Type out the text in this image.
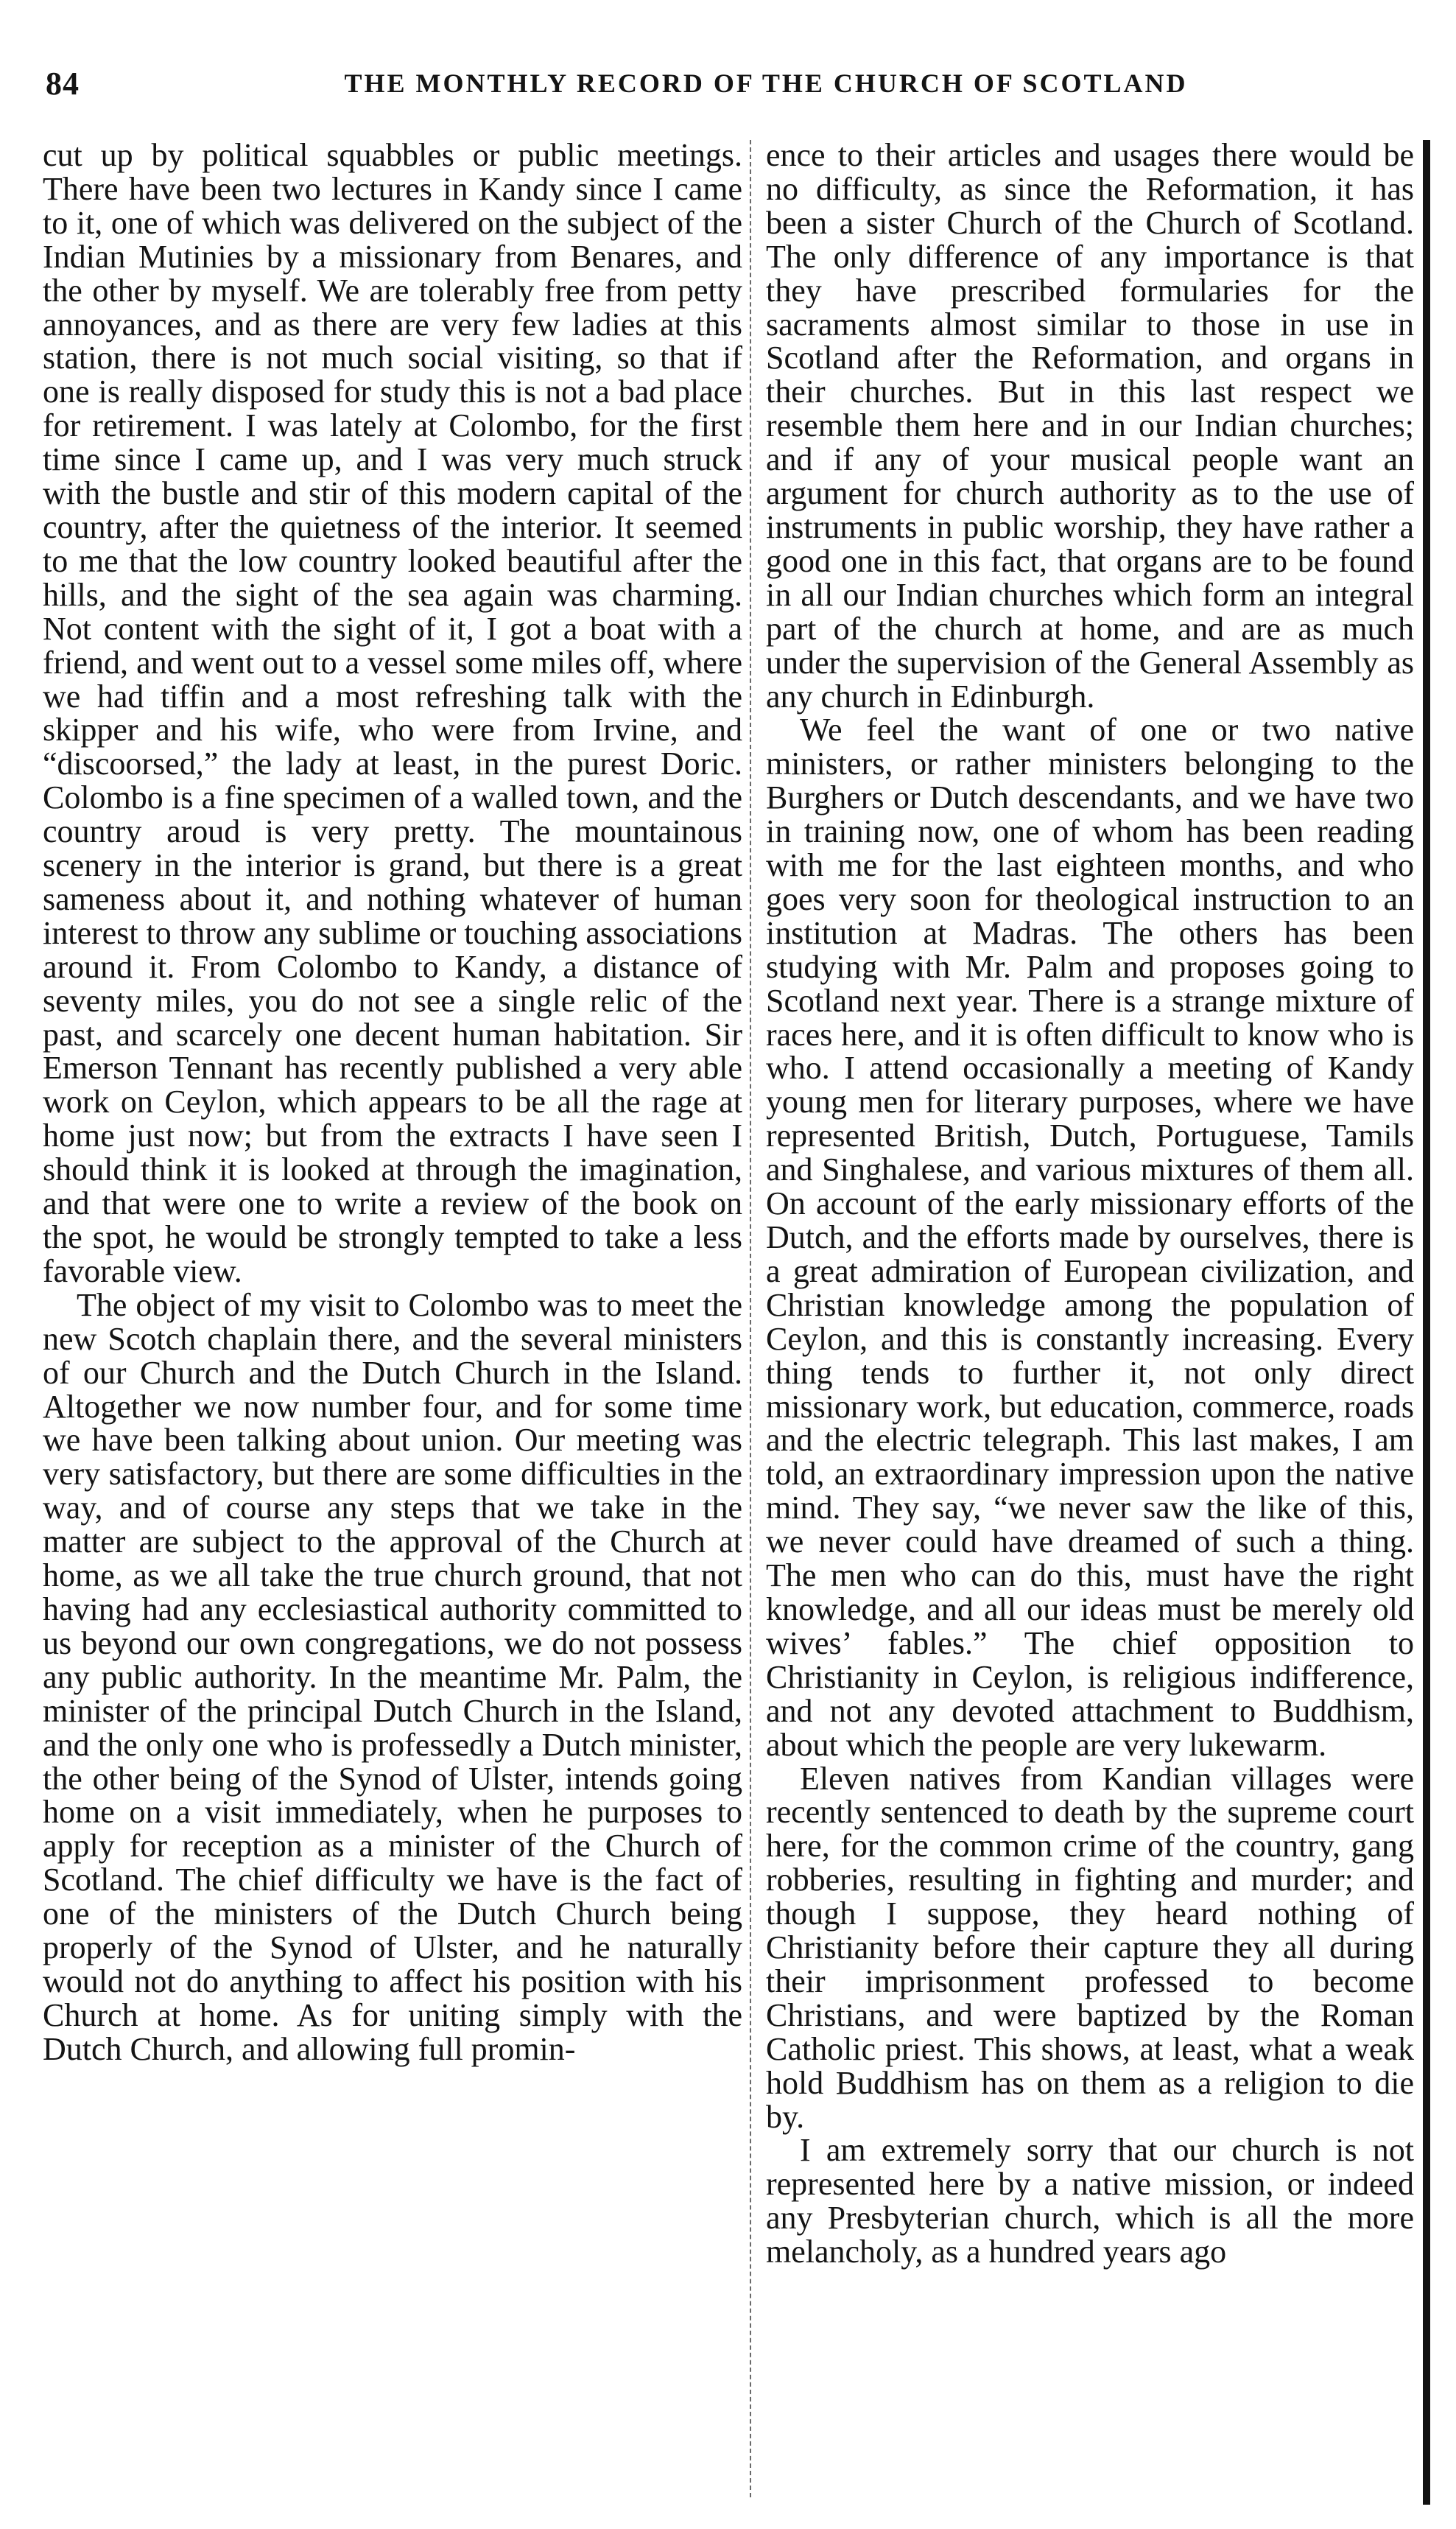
84	THE MONTHLY RECORD OF THE CHURCH OF SCOTLAND

cut up by political squabbles or public meetings. There have been two lectures in Kandy since I came to it, one of which was delivered on the subject of the Indian Mutinies by a missionary from Benares, and the other by myself. We are tolerably free from petty annoyances, and as there are very few ladies at this station, there is not much social visiting, so that if one is really disposed for study this is not a bad place for retirement. I was lately at Colombo, for the first time since I came up, and I was very much struck with the bustle and stir of this modern capital of the country, after the quietness of the interior. It seemed to me that the low country looked beautiful after the hills, and the sight of the sea again was charming. Not content with the sight of it, I got a boat with a friend, and went out to a vessel some miles off, where we had tiffin and a most refreshing talk with the skipper and his wife, who were from Irvine, and “discoorsed,” the lady at least, in the purest Doric. Colombo is a fine specimen of a walled town, and the country aroud is very pretty. The mountainous scenery in the interior is grand, but there is a great sameness about it, and nothing whatever of human interest to throw any sublime or touching associations around it. From Colombo to Kandy, a distance of seventy miles, you do not see a single relic of the past, and scarcely one decent human habitation. Sir Emerson Tennant has recently published a very able work on Ceylon, which appears to be all the rage at home just now; but from the extracts I have seen I should think it is looked at through the imagination, and that were one to write a review of the book on the spot, he would be strongly tempted to take a less favorable view.

The object of my visit to Colombo was to meet the new Scotch chaplain there, and the several ministers of our Church and the Dutch Church in the Island. Altogether we now number four, and for some time we have been talking about union. Our meeting was very satisfactory, but there are some difficulties in the way, and of course any steps that we take in the matter are subject to the approval of the Church at home, as we all take the true church ground, that not having had any ecclesiastical authority committed to us beyond our own congregations, we do not possess any public authority. In the meantime Mr. Palm, the minister of the principal Dutch Church in the Island, and the only one who is professedly a Dutch minister, the other being of the Synod of Ulster, intends going home on a visit immediately, when he purposes to apply for reception as a minister of the Church of Scotland. The chief difficulty we have is the fact of one of the ministers of the Dutch Church being properly of the Synod of Ulster, and he naturally would not do anything to affect his position with his Church at home. As for uniting simply with the Dutch Church, and allowing full promin-

ence to their articles and usages there would be no difficulty, as since the Reformation, it has been a sister Church of the Church of Scotland. The only difference of any importance is that they have prescribed formularies for the sacraments almost similar to those in use in Scotland after the Reformation, and organs in their churches. But in this last respect we resemble them here and in our Indian churches; and if any of your musical people want an argument for church authority as to the use of instruments in public worship, they have rather a good one in this fact, that organs are to be found in all our Indian churches which form an integral part of the church at home, and are as much under the supervision of the General Assembly as any church in Edinburgh.

We feel the want of one or two native ministers, or rather ministers belonging to the Burghers or Dutch descendants, and we have two in training now, one of whom has been reading with me for the last eighteen months, and who goes very soon for theological instruction to an institution at Madras. The others has been studying with Mr. Palm and proposes going to Scotland next year. There is a strange mixture of races here, and it is often difficult to know who is who. I attend occasionally a meeting of Kandy young men for literary purposes, where we have represented British, Dutch, Portuguese, Tamils and Singhalese, and various mixtures of them all. On account of the early missionary efforts of the Dutch, and the efforts made by ourselves, there is a great admiration of European civilization, and Christian knowledge among the population of Ceylon, and this is constantly increasing. Every thing tends to further it, not only direct missionary work, but education, commerce, roads and the electric telegraph. This last makes, I am told, an extraordinary impression upon the native mind. They say, “we never saw the like of this, we never could have dreamed of such a thing. The men who can do this, must have the right knowledge, and all our ideas must be merely old wives’ fables.” The chief opposition to Christianity in Ceylon, is religious indifference, and not any devoted attachment to Buddhism, about which the people are very lukewarm.

Eleven natives from Kandian villages were recently sentenced to death by the supreme court here, for the common crime of the country, gang robberies, resulting in fighting and murder; and though I suppose, they heard nothing of Christianity before their capture they all during their imprisonment professed to become Christians, and were baptized by the Roman Catholic priest. This shows, at least, what a weak hold Buddhism has on them as a religion to die by.

I am extremely sorry that our church is not represented here by a native mission, or indeed any Presbyterian church, which is all the more melancholy, as a hundred years ago
